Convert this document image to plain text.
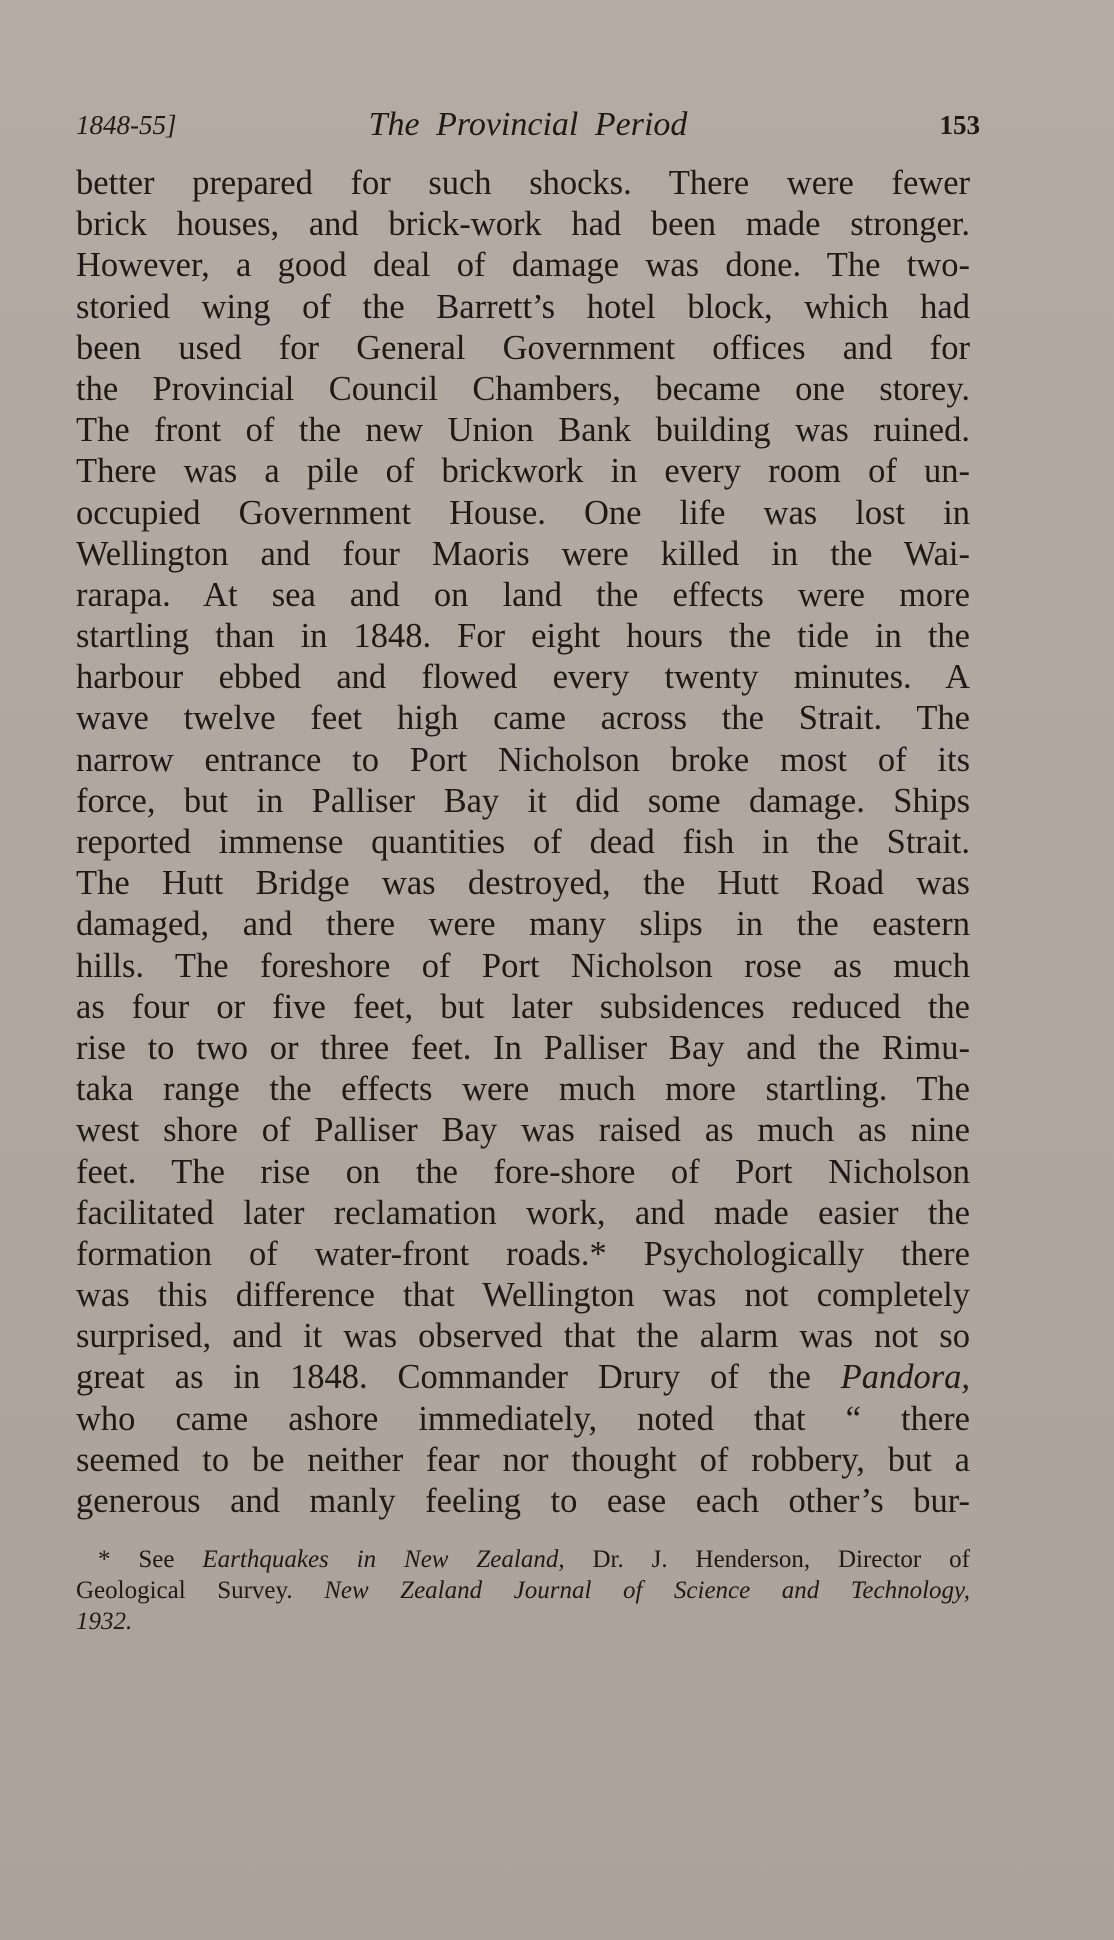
1848-55]	The Provincial Period	153
better prepared for such shocks. There were fewer
brick houses, and brick-work had been made stronger.
However, a good deal of damage was done. The two-
storied wing of the Barrett’s hotel block, which had
been used for General Government offices and for
the Provincial Council Chambers, became one storey.
The front of the new Union Bank building was ruined.
There was a pile of brickwork in every room of un-
occupied Government House. One life was lost in
Wellington and four Maoris were killed in the Wai-
rarapa. At sea and on land the effects were more
startling than in 1848. For eight hours the tide in the
harbour ebbed and flowed every twenty minutes. A
wave twelve feet high came across the Strait. The
narrow entrance to Port Nicholson broke most of its
force, but in Palliser Bay it did some damage. Ships
reported immense quantities of dead fish in the Strait.
The Hutt Bridge was destroyed, the Hutt Road was
damaged, and there were many slips in the eastern
hills. The foreshore of Port Nicholson rose as much
as four or five feet, but later subsidences reduced the
rise to two or three feet. In Palliser Bay and the Rimu-
taka range the effects were much more startling. The
west shore of Palliser Bay was raised as much as nine
feet. The rise on the fore-shore of Port Nicholson
facilitated later reclamation work, and made easier the
formation of water-front roads.* Psychologically there
was this difference that Wellington was not completely
surprised, and it was observed that the alarm was not so
great as in 1848. Commander Drury of the Pandora,
who came ashore immediately, noted that “ there
seemed to be neither fear nor thought of robbery, but a
generous and manly feeling to ease each other’s bur-
* See Earthquakes in New Zealand, Dr. J. Henderson, Director of
Geological Survey. New Zealand Journal of Science and Technology,
1932.
